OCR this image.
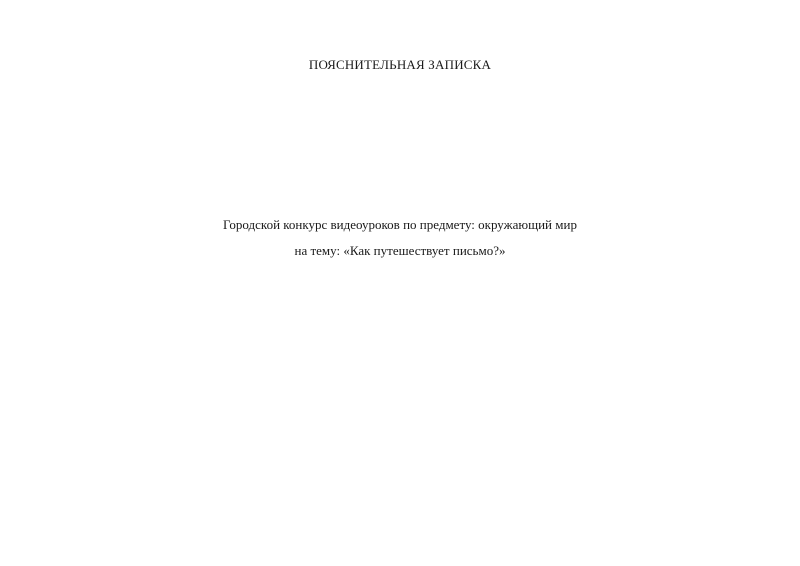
ПОЯСНИТЕЛЬНАЯ ЗАПИСКА
Городской конкурс видеоуроков по предмету: окружающий мир
на тему: «Как путешествует письмо?»
